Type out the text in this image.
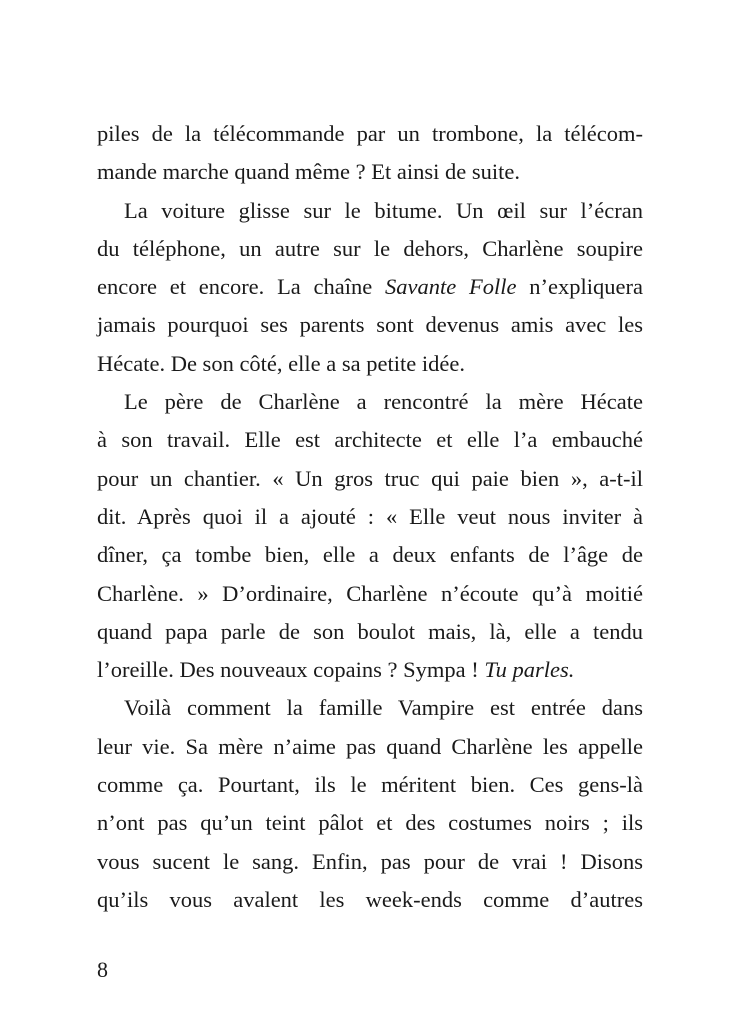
piles de la télécommande par un trombone, la télécom-
mande marche quand même ? Et ainsi de suite.
La voiture glisse sur le bitume. Un œil sur l’écran
du téléphone, un autre sur le dehors, Charlène soupire
encore et encore. La chaîne Savante Folle n’expliquera
jamais pourquoi ses parents sont devenus amis avec les
Hécate. De son côté, elle a sa petite idée.
Le père de Charlène a rencontré la mère Hécate
à son travail. Elle est architecte et elle l’a embauché
pour un chantier. « Un gros truc qui paie bien », a-t-il
dit. Après quoi il a ajouté : « Elle veut nous inviter à
dîner, ça tombe bien, elle a deux enfants de l’âge de
Charlène. » D’ordinaire, Charlène n’écoute qu’à moitié
quand papa parle de son boulot mais, là, elle a tendu
l’oreille. Des nouveaux copains ? Sympa ! Tu parles.
Voilà comment la famille Vampire est entrée dans
leur vie. Sa mère n’aime pas quand Charlène les appelle
comme ça. Pourtant, ils le méritent bien. Ces gens-là
n’ont pas qu’un teint pâlot et des costumes noirs ; ils
vous sucent le sang. Enfin, pas pour de vrai ! Disons
qu’ils vous avalent les week-ends comme d’autres
8
